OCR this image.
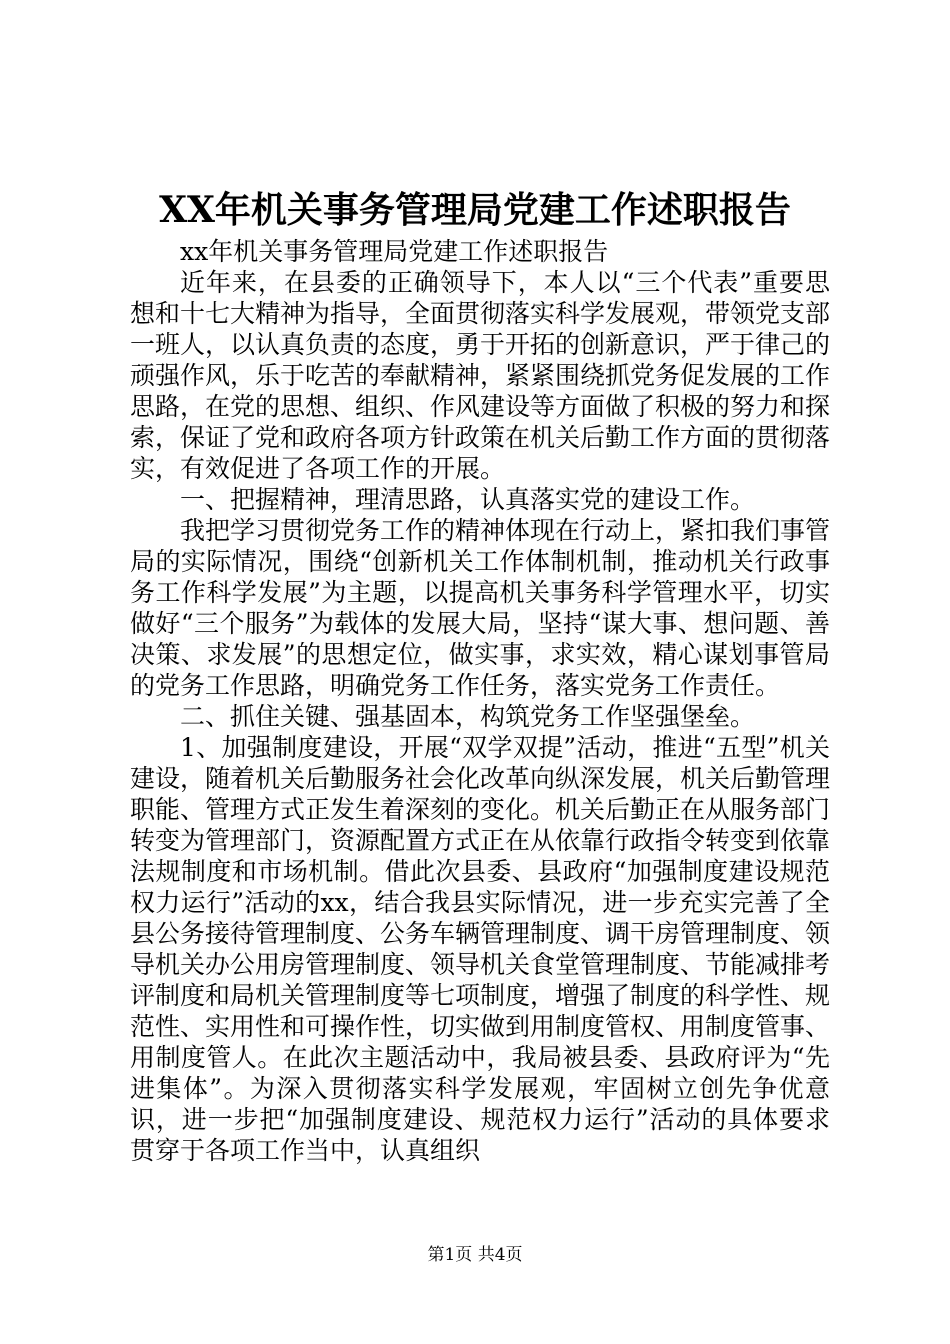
XX年机关事务管理局党建工作述职报告

xx年机关事务管理局党建工作述职报告

近年来，在县委的正确领导下，本人以“三个代表”重要思想和十七大精神为指导，全面贯彻落实科学发展观，带领党支部一班人，以认真负责的态度，勇于开拓的创新意识，严于律己的顽强作风，乐于吃苦的奉献精神，紧紧围绕抓党务促发展的工作思路，在党的思想、组织、作风建设等方面做了积极的努力和探索，保证了党和政府各项方针政策在机关后勤工作方面的贯彻落实，有效促进了各项工作的开展。

一、把握精神，理清思路，认真落实党的建设工作。

我把学习贯彻党务工作的精神体现在行动上，紧扣我们事管局的实际情况，围绕“创新机关工作体制机制，推动机关行政事务工作科学发展”为主题，以提高机关事务科学管理水平，切实做好“三个服务”为载体的发展大局，坚持“谋大事、想问题、善决策、求发展”的思想定位，做实事，求实效，精心谋划事管局的党务工作思路，明确党务工作任务，落实党务工作责任。

二、抓住关键、强基固本，构筑党务工作坚强堡垒。

1、加强制度建设，开展“双学双提”活动，推进“五型”机关建设，随着机关后勤服务社会化改革向纵深发展，机关后勤管理职能、管理方式正发生着深刻的变化。机关后勤正在从服务部门转变为管理部门，资源配置方式正在从依靠行政指令转变到依靠法规制度和市场机制。借此次县委、县政府“加强制度建设规范权力运行”活动的xx，结合我县实际情况，进一步充实完善了全县公务接待管理制度、公务车辆管理制度、调干房管理制度、领导机关办公用房管理制度、领导机关食堂管理制度、节能减排考评制度和局机关管理制度等七项制度，增强了制度的科学性、规范性、实用性和可操作性，切实做到用制度管权、用制度管事、用制度管人。在此次主题活动中，我局被县委、县政府评为“先进集体”。为深入贯彻落实科学发展观，牢固树立创先争优意识，进一步把“加强制度建设、规范权力运行”活动的具体要求贯穿于各项工作当中，认真组织

第1页 共4页
